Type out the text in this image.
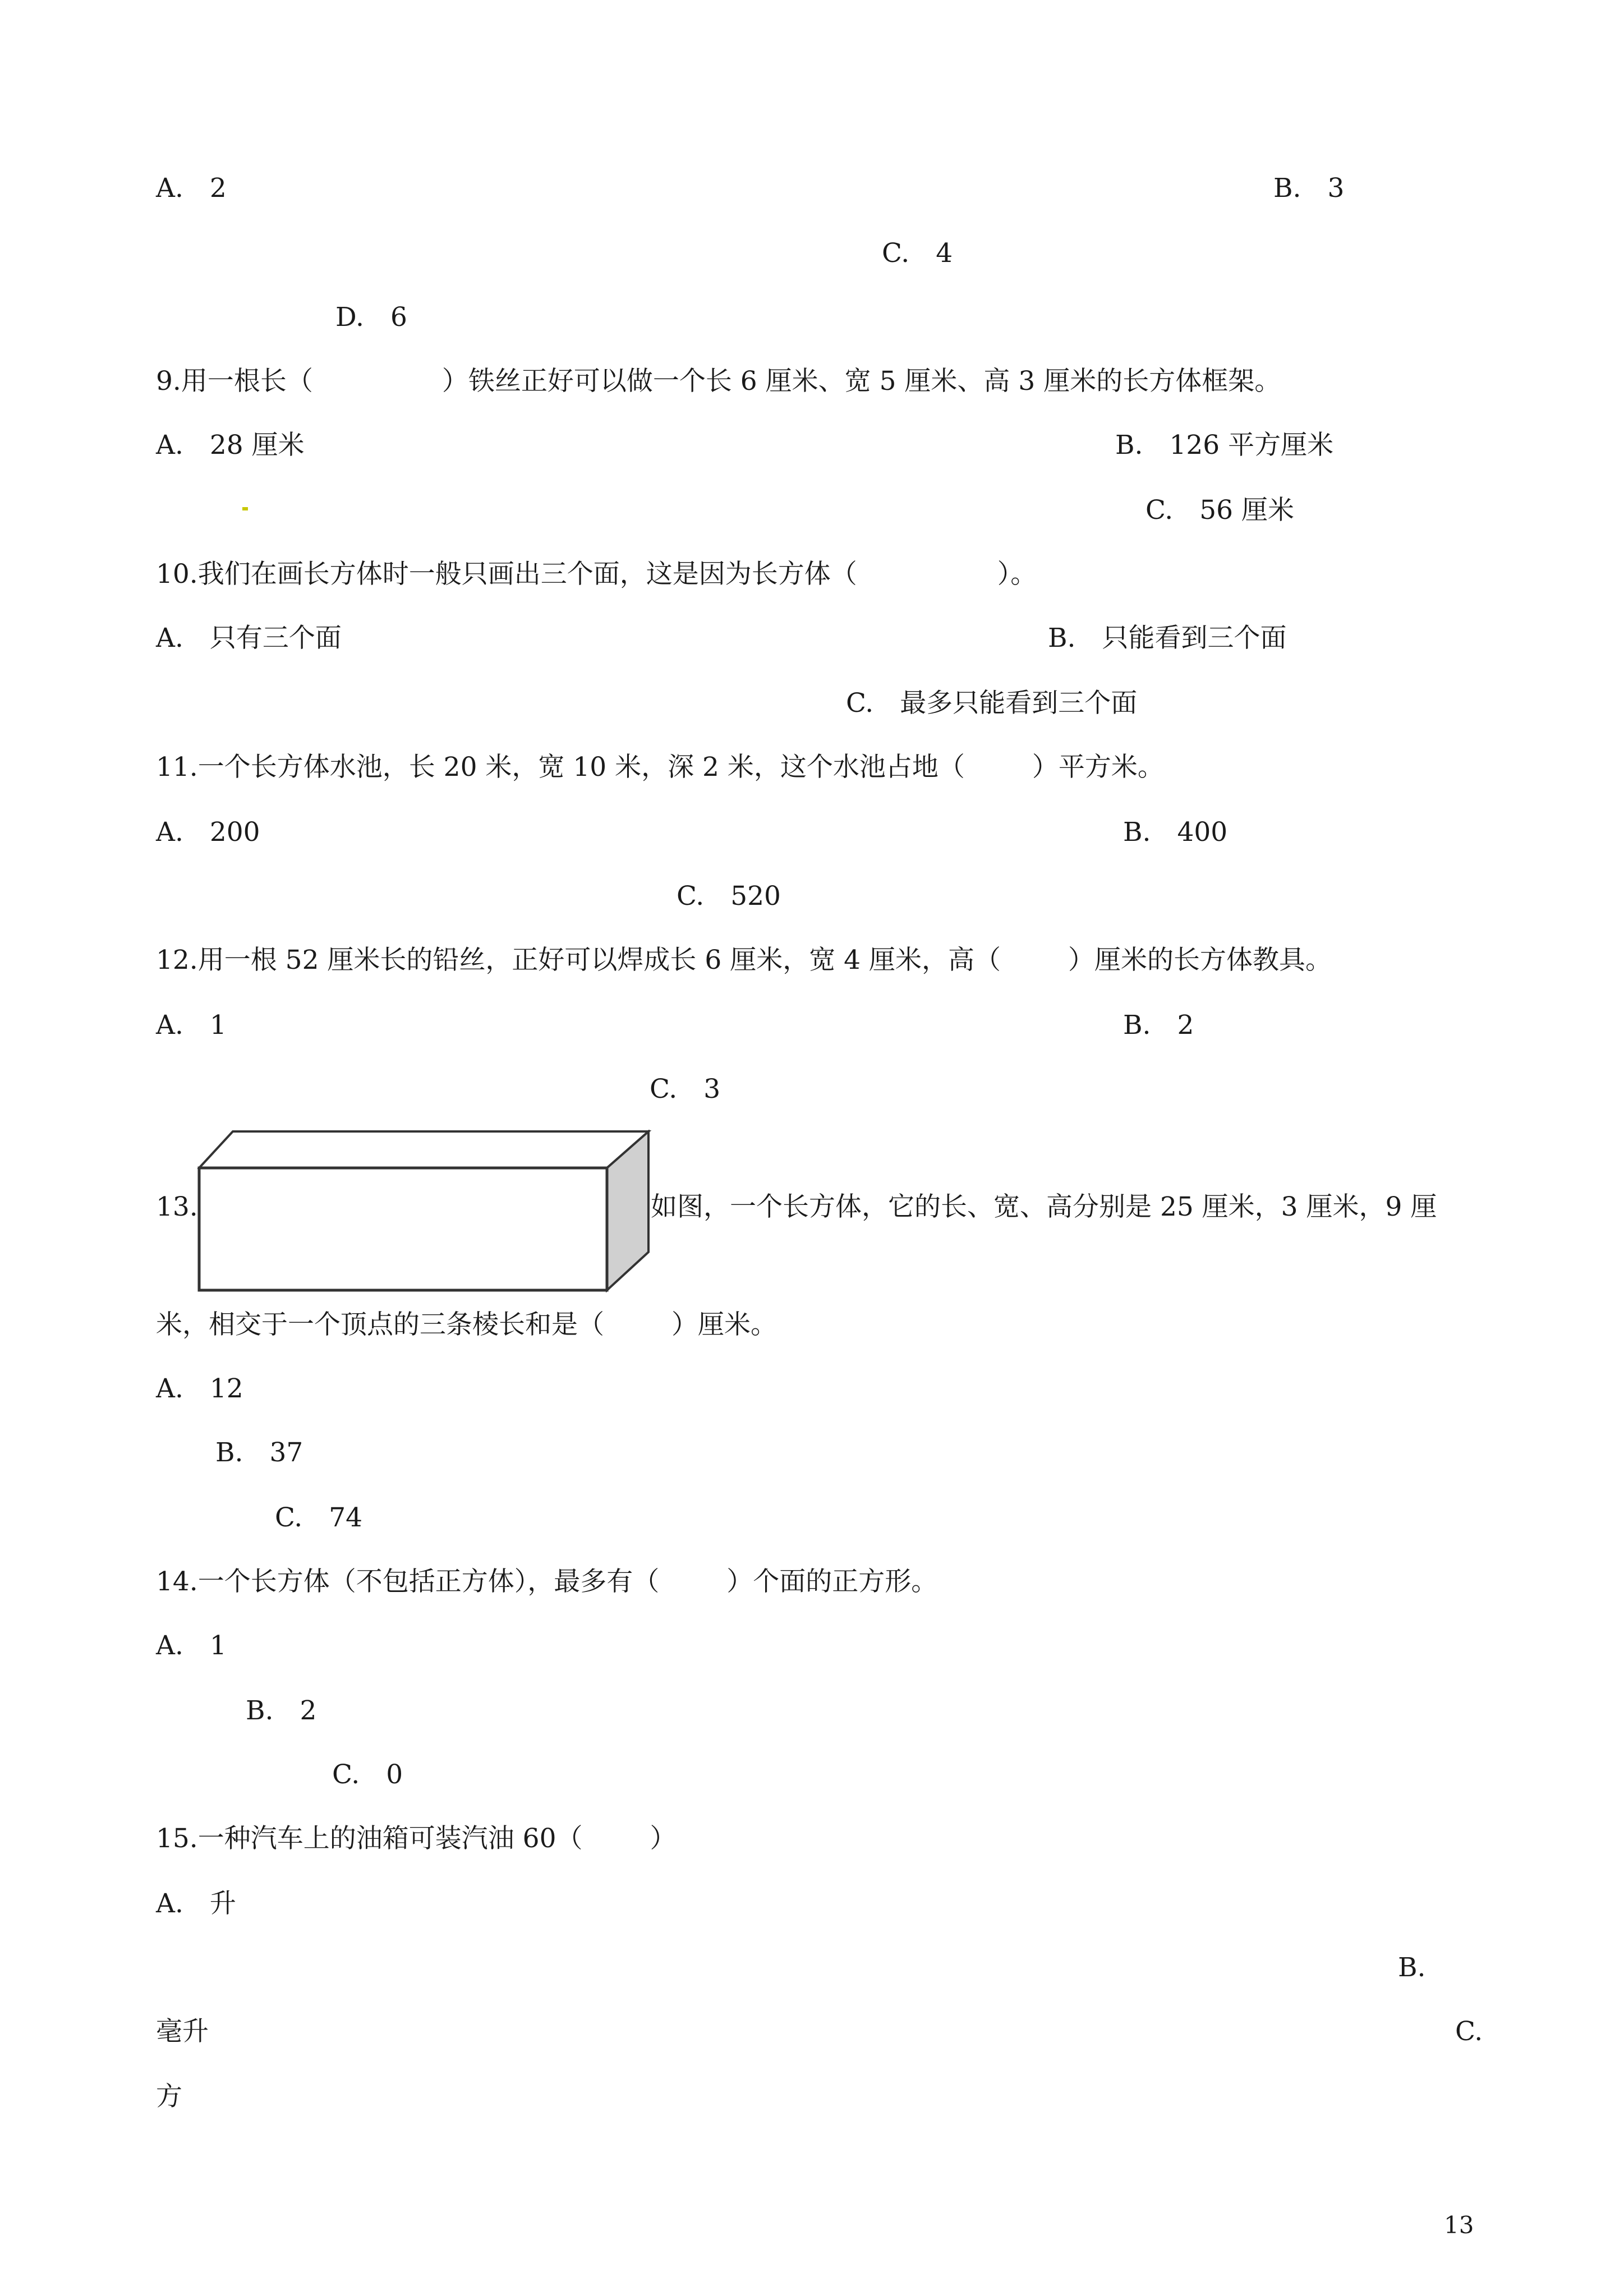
A.　2	B.　3
C.　4
D.　6
9.用一根长（	）铁丝正好可以做一个长 6 厘米、宽 5 厘米、高 3 厘米的长方体框架。
A.　28 厘米	B.　126 平方厘米
C.　56 厘米
10.我们在画长方体时一般只画出三个面，这是因为长方体（	）。
A.　只有三个面	B.　只能看到三个面
C.　最多只能看到三个面
11.一个长方体水池，长 20 米，宽 10 米，深 2 米，这个水池占地（	）平方米。
A.　200	B.　400
C.　520
12.用一根 52 厘米长的铅丝，正好可以焊成长 6 厘米，宽 4 厘米，高（	）厘米的长方体教具。
A.　1	B.　2
C.　3
13.	如图，一个长方体，它的长、宽、高分别是 25 厘米，3 厘米，9 厘
米，相交于一个顶点的三条棱长和是（	）厘米。
A.　12
B.　37
C.　74
14.一个长方体（不包括正方体），最多有（	）个面的正方形。
A.　1
B.　2
C.　0
15.一种汽车上的油箱可装汽油 60（	）
A.　升
B.
毫升	C.
方
13
